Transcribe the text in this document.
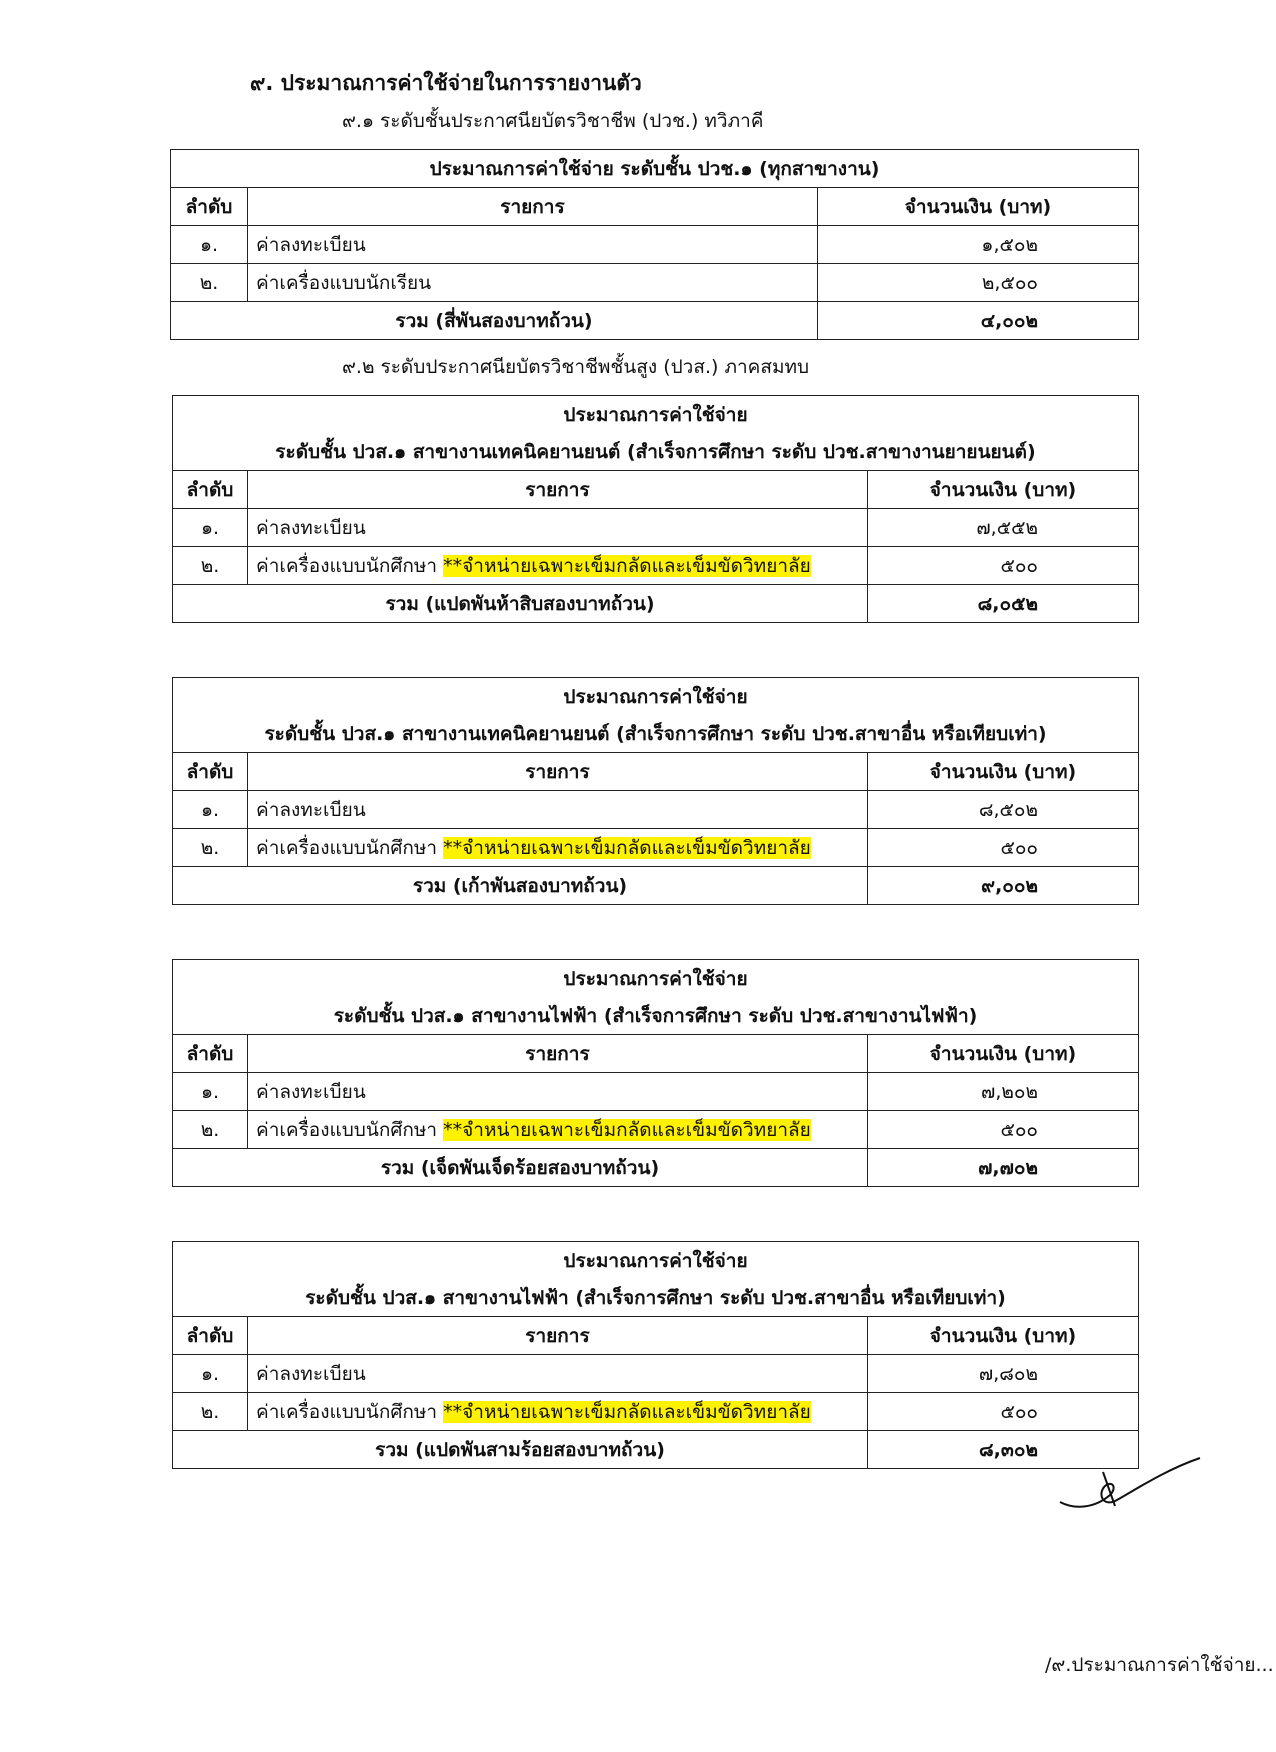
๙. ประมาณการค่าใช้จ่ายในการรายงานตัว
๙.๑ ระดับชั้นประกาศนียบัตรวิชาชีพ (ปวช.) ทวิภาคี
ประมาณการค่าใช้จ่าย ระดับชั้น ปวช.๑ (ทุกสาขางาน)		
ลำดับ	รายการ	จำนวนเงิน (บาท)
๑.	ค่าลงทะเบียน	๑,๕๐๒
๒.	ค่าเครื่องแบบนักเรียน	๒,๕๐๐
รวม (สี่พันสองบาทถ้วน)		๔,๐๐๒
๙.๒ ระดับประกาศนียบัตรวิชาชีพชั้นสูง (ปวส.) ภาคสมทบ
ประมาณการค่าใช้จ่าย		
ระดับชั้น ปวส.๑ สาขางานเทคนิคยานยนต์ (สำเร็จการศึกษา ระดับ ปวช.สาขางานยายนยนต์)		
ลำดับ	รายการ	จำนวนเงิน (บาท)
๑.	ค่าลงทะเบียน	๗,๕๕๒
๒.	ค่าเครื่องแบบนักศึกษา **จำหน่ายเฉพาะเข็มกลัดและเข็มขัดวิทยาลัย	๕๐๐
รวม (แปดพันห้าสิบสองบาทถ้วน)		๘,๐๕๒
ประมาณการค่าใช้จ่าย		
ระดับชั้น ปวส.๑ สาขางานเทคนิคยานยนต์ (สำเร็จการศึกษา ระดับ ปวช.สาขาอื่น หรือเทียบเท่า)		
ลำดับ	รายการ	จำนวนเงิน (บาท)
๑.	ค่าลงทะเบียน	๘,๕๐๒
๒.	ค่าเครื่องแบบนักศึกษา **จำหน่ายเฉพาะเข็มกลัดและเข็มขัดวิทยาลัย	๕๐๐
รวม (เก้าพันสองบาทถ้วน)		๙,๐๐๒
ประมาณการค่าใช้จ่าย		
ระดับชั้น ปวส.๑ สาขางานไฟฟ้า (สำเร็จการศึกษา ระดับ ปวช.สาขางานไฟฟ้า)		
ลำดับ	รายการ	จำนวนเงิน (บาท)
๑.	ค่าลงทะเบียน	๗,๒๐๒
๒.	ค่าเครื่องแบบนักศึกษา **จำหน่ายเฉพาะเข็มกลัดและเข็มขัดวิทยาลัย	๕๐๐
รวม (เจ็ดพันเจ็ดร้อยสองบาทถ้วน)		๗,๗๐๒
ประมาณการค่าใช้จ่าย		
ระดับชั้น ปวส.๑ สาขางานไฟฟ้า (สำเร็จการศึกษา ระดับ ปวช.สาขาอื่น หรือเทียบเท่า)		
ลำดับ	รายการ	จำนวนเงิน (บาท)
๑.	ค่าลงทะเบียน	๗,๘๐๒
๒.	ค่าเครื่องแบบนักศึกษา **จำหน่ายเฉพาะเข็มกลัดและเข็มขัดวิทยาลัย	๕๐๐
รวม (แปดพันสามร้อยสองบาทถ้วน)		๘,๓๐๒
/๙.ประมาณการค่าใช้จ่าย...
